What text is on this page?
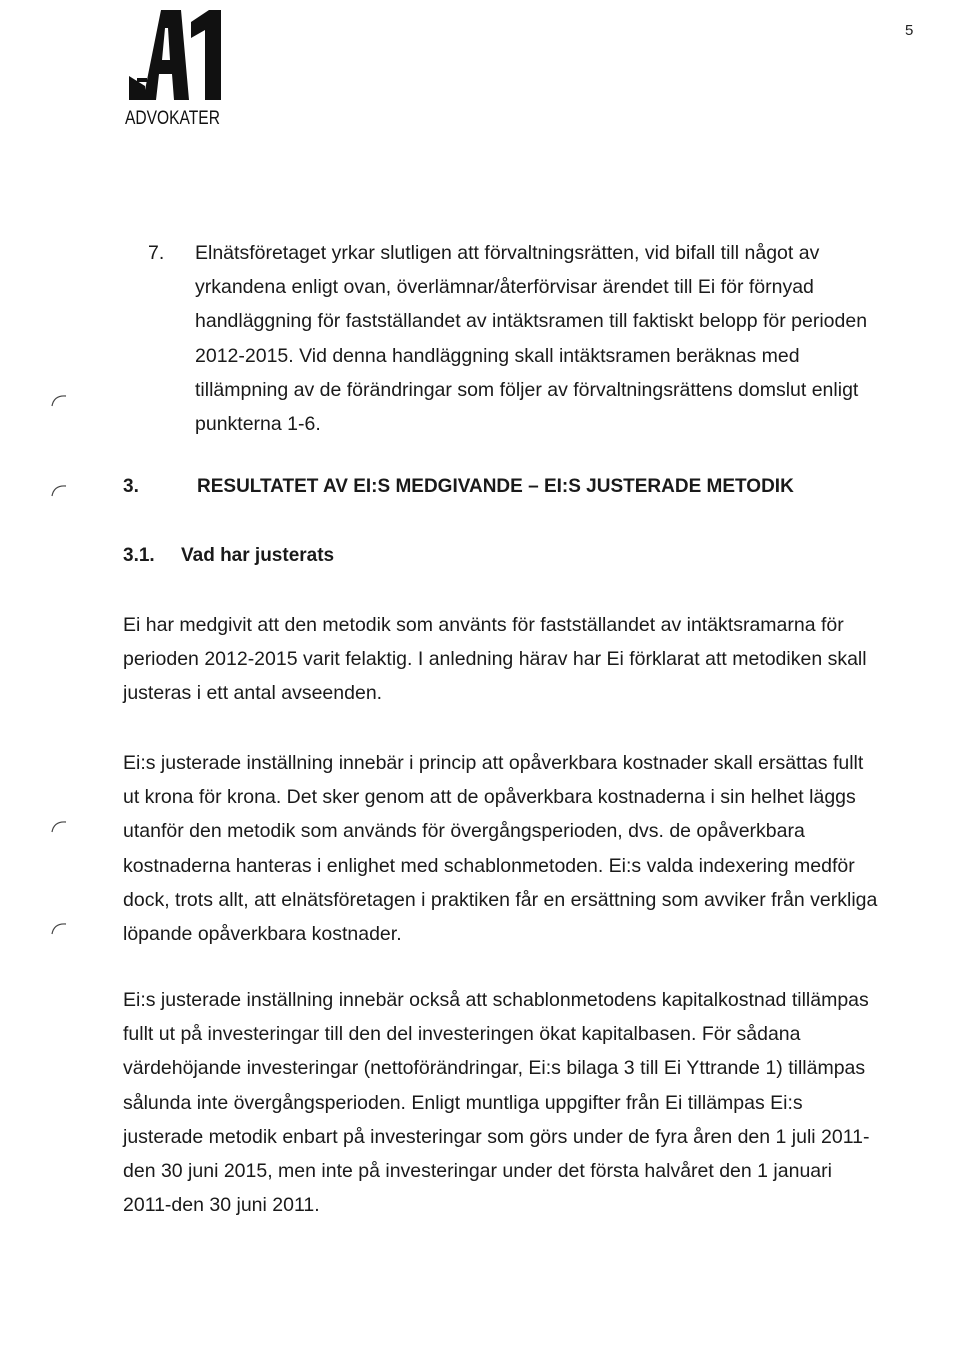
ADVOKATER
5
7. Elnätsföretaget yrkar slutligen att förvaltningsrätten, vid bifall till något av yrkandena enligt ovan, överlämnar/återförvisar ärendet till Ei för förnyad handläggning för fastställandet av intäktsramen till faktiskt belopp för perioden 2012-2015. Vid denna handläggning skall intäktsramen beräknas med tillämpning av de förändringar som följer av förvaltningsrättens domslut enligt punkterna 1-6.
3.	RESULTATET AV EI:S MEDGIVANDE – EI:S JUSTERADE METODIK
3.1. Vad har justerats
Ei har medgivit att den metodik som använts för fastställandet av intäktsramarna för perioden 2012-2015 varit felaktig. I anledning härav har Ei förklarat att metodiken skall justeras i ett antal avseenden.
Ei:s justerade inställning innebär i princip att opåverkbara kostnader skall ersättas fullt ut krona för krona. Det sker genom att de opåverkbara kostnaderna i sin helhet läggs utanför den metodik som används för övergångsperioden, dvs. de opåverkbara kostnaderna hanteras i enlighet med schablonmetoden. Ei:s valda indexering medför dock, trots allt, att elnätsföretagen i praktiken får en ersättning som avviker från verkliga löpande opåverkbara kostnader.
Ei:s justerade inställning innebär också att schablonmetodens kapitalkostnad tillämpas fullt ut på investeringar till den del investeringen ökat kapitalbasen. För sådana värdehöjande investeringar (nettoförändringar, Ei:s bilaga 3 till Ei Yttrande 1) tillämpas sålunda inte övergångsperioden. Enligt muntliga uppgifter från Ei tillämpas Ei:s justerade metodik enbart på investeringar som görs under de fyra åren den 1 juli 2011-den 30 juni 2015, men inte på investeringar under det första halvåret den 1 januari 2011-den 30 juni 2011.
